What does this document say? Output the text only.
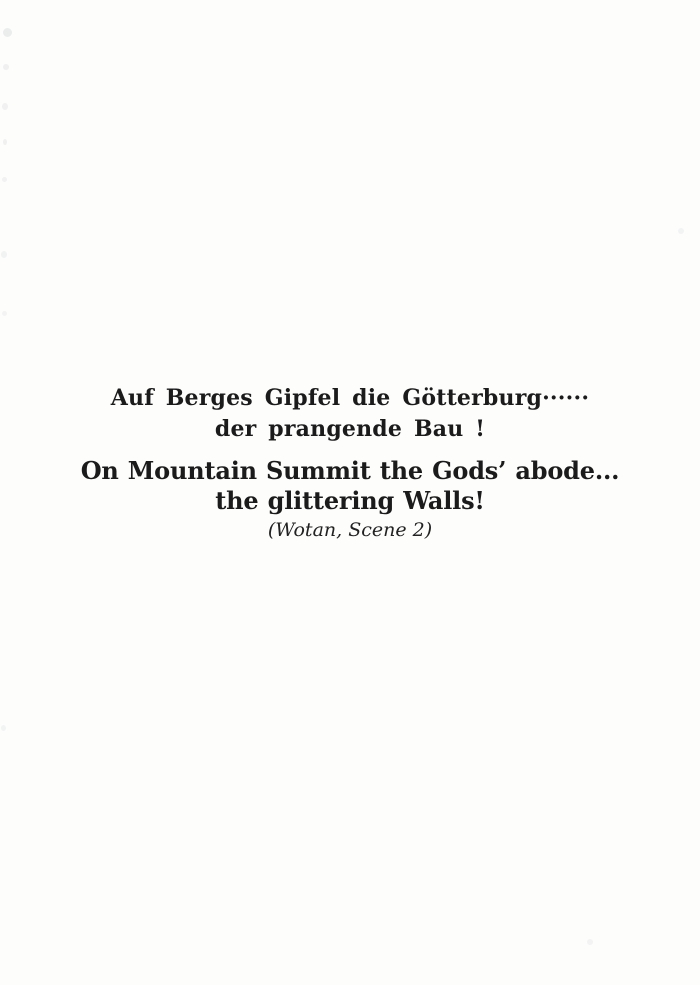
Auf Berges Gipfel die Götterburg······
der prangende Bau !
On Mountain Summit the Gods’ abode...
the glittering Walls!
(Wotan, Scene 2)
